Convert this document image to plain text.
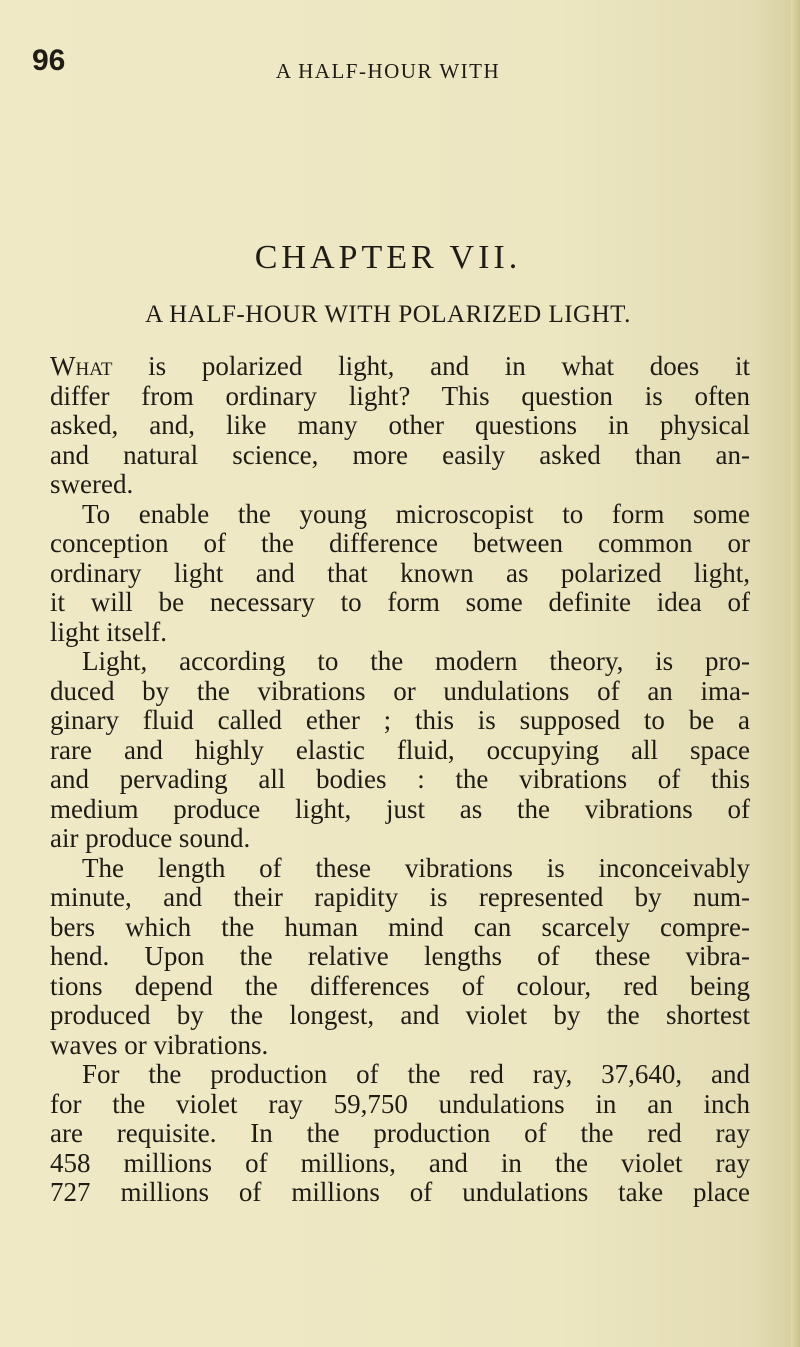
96	A HALF-HOUR WITH

CHAPTER VII.
A HALF-HOUR WITH POLARIZED LIGHT.
What is polarized light, and in what does it
differ from ordinary light? This question is often
asked, and, like many other questions in physical
and natural science, more easily asked than an-
swered.
To enable the young microscopist to form some
conception of the difference between common or
ordinary light and that known as polarized light,
it will be necessary to form some definite idea of
light itself.
Light, according to the modern theory, is pro-
duced by the vibrations or undulations of an ima-
ginary fluid called ether ; this is supposed to be a
rare and highly elastic fluid, occupying all space
and pervading all bodies : the vibrations of this
medium produce light, just as the vibrations of
air produce sound.
The length of these vibrations is inconceivably
minute, and their rapidity is represented by num-
bers which the human mind can scarcely compre-
hend. Upon the relative lengths of these vibra-
tions depend the differences of colour, red being
produced by the longest, and violet by the shortest
waves or vibrations.
For the production of the red ray, 37,640, and
for the violet ray 59,750 undulations in an inch
are requisite. In the production of the red ray
458 millions of millions, and in the violet ray
727 millions of millions of undulations take place
